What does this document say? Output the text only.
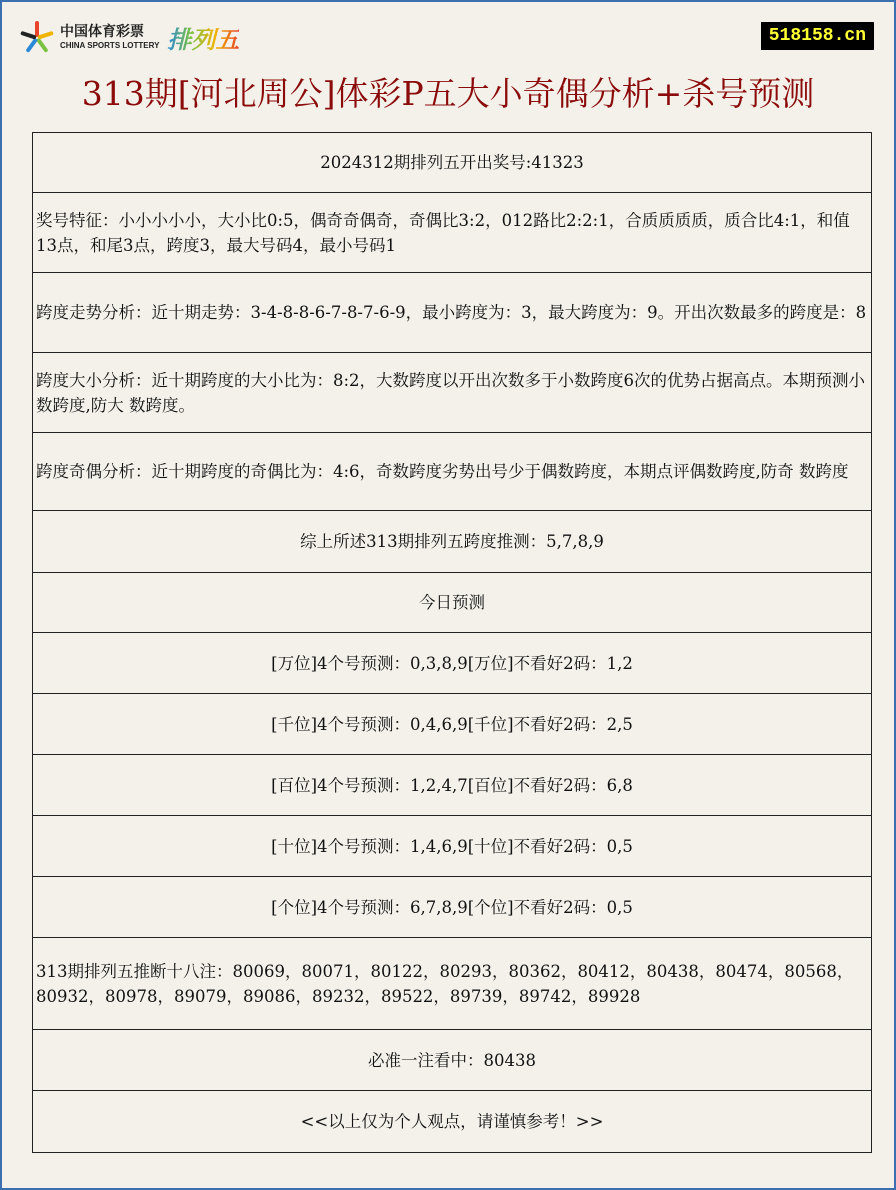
中国体育彩票
CHINA SPORTS LOTTERY 排列五	518158.cn
313期[河北周公]体彩P五大小奇偶分析+杀号预测
2024312期排列五开出奖号:41323
奖号特征：小小小小小，大小比0:5，偶奇奇偶奇，奇偶比3:2，012路比2:2:1，合质质质质，质合比4:1，和值13点，和尾3点，跨度3，最大号码4，最小号码1
跨度走势分析：近十期走势：3-4-8-8-6-7-8-7-6-9，最小跨度为：3，最大跨度为：9。开出次数最多的跨度是：8
跨度大小分析：近十期跨度的大小比为：8:2，大数跨度以开出次数多于小数跨度6次的优势占据高点。本期预测小数跨度,防大 数跨度。
跨度奇偶分析：近十期跨度的奇偶比为：4:6，奇数跨度劣势出号少于偶数跨度，本期点评偶数跨度,防奇 数跨度
综上所述313期排列五跨度推测：5,7,8,9
今日预测
[万位]4个号预测：0,3,8,9[万位]不看好2码：1,2
[千位]4个号预测：0,4,6,9[千位]不看好2码：2,5
[百位]4个号预测：1,2,4,7[百位]不看好2码：6,8
[十位]4个号预测：1,4,6,9[十位]不看好2码：0,5
[个位]4个号预测：6,7,8,9[个位]不看好2码：0,5
313期排列五推断十八注：80069，80071，80122，80293，80362，80412，80438，80474，80568，80932，80978，89079，89086，89232，89522，89739，89742，89928
必准一注看中：80438
<<以上仅为个人观点，请谨慎参考！>>
